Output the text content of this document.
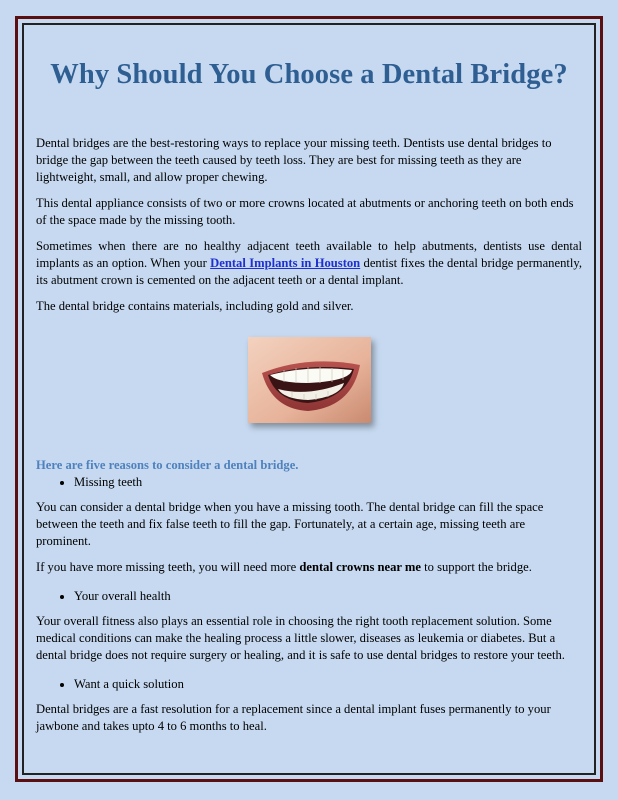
Why Should You Choose a Dental Bridge?

Dental bridges are the best-restoring ways to replace your missing teeth. Dentists use dental bridges to bridge the gap between the teeth caused by teeth loss. They are best for missing teeth as they are lightweight, small, and allow proper chewing.

This dental appliance consists of two or more crowns located at abutments or anchoring teeth on both ends of the space made by the missing tooth.

Sometimes when there are no healthy adjacent teeth available to help abutments, dentists use dental implants as an option. When your Dental Implants in Houston dentist fixes the dental bridge permanently, its abutment crown is cemented on the adjacent teeth or a dental implant.

The dental bridge contains materials, including gold and silver.

Here are five reasons to consider a dental bridge.
• Missing teeth

You can consider a dental bridge when you have a missing tooth. The dental bridge can fill the space between the teeth and fix false teeth to fill the gap. Fortunately, at a certain age, missing teeth are prominent.

If you have more missing teeth, you will need more dental crowns near me to support the bridge.

• Your overall health

Your overall fitness also plays an essential role in choosing the right tooth replacement solution. Some medical conditions can make the healing process a little slower, diseases as leukemia or diabetes. But a dental bridge does not require surgery or healing, and it is safe to use dental bridges to restore your teeth.

• Want a quick solution

Dental bridges are a fast resolution for a replacement since a dental implant fuses permanently to your jawbone and takes upto 4 to 6 months to heal.
